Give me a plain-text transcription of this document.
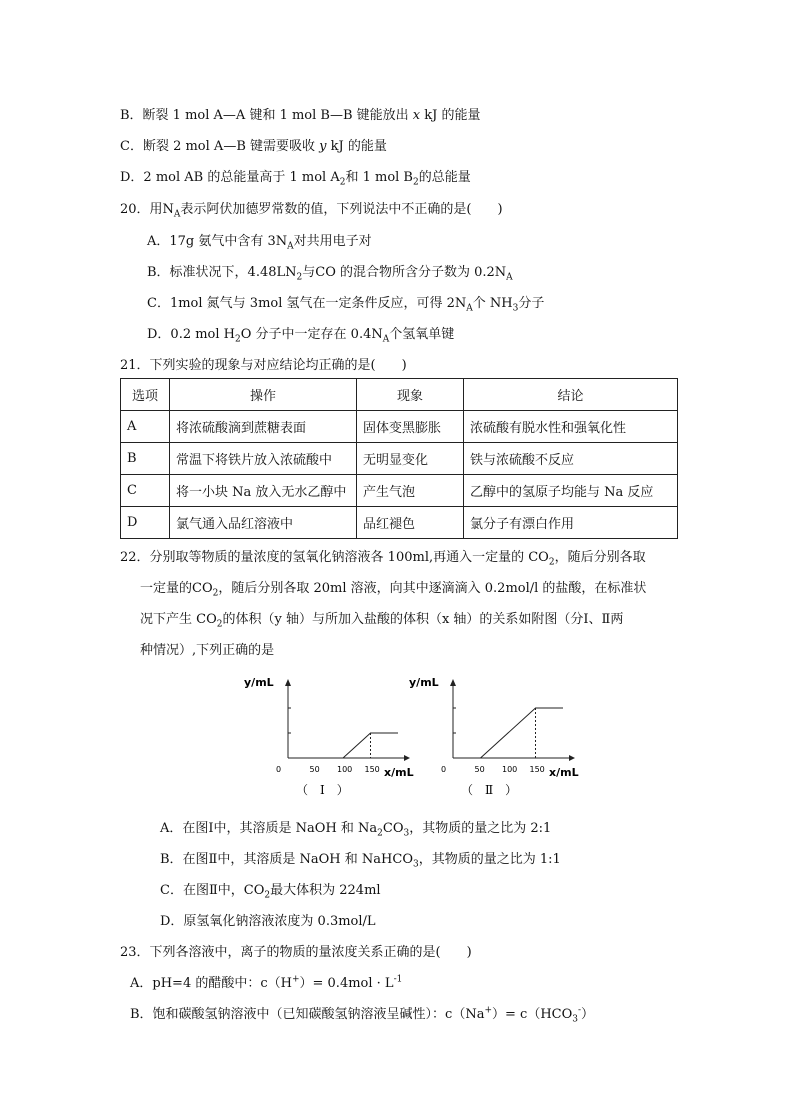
B．断裂 1 mol A—A 键和 1 mol B—B 键能放出 x kJ 的能量
C．断裂 2 mol A—B 键需要吸收 y kJ 的能量
D．2 mol AB 的总能量高于 1 mol $A_2$和 1 mol $B_2$的总能量
20．用$N_A$表示阿伏加德罗常数的值，下列说法中不正确的是(　　)
A．17g 氨气中含有 $3N_A$对共用电子对
B．标准状况下，$4.48LN_2$与CO 的混合物所含分子数为 $0.2N_A$
C．1mol 氮气与 3mol 氢气在一定条件反应，可得 $2N_A$个 $NH_3$分子
D．0.2 mol $H_2O$ 分子中一定存在 $0.4N_A$个氢氧单键
21．下列实验的现象与对应结论均正确的是(　　)
选项	操作	现象	结论
A	将浓硫酸滴到蔗糖表面	固体变黑膨胀	浓硫酸有脱水性和强氧化性
B	常温下将铁片放入浓硫酸中	无明显变化	铁与浓硫酸不反应
C	将一小块 Na 放入无水乙醇中	产生气泡	乙醇中的氢原子均能与 Na 反应
D	氯气通入品红溶液中	品红褪色	氯分子有漂白作用
22．分别取等物质的量浓度的氢氧化钠溶液各 100ml,再通入一定量的 $CO_2$，随后分别各取
一定量的$CO_2$，随后分别各取 20ml 溶液，向其中逐滴滴入 0.2mol/l 的盐酸，在标准状
况下产生 $CO_2$的体积（y 轴）与所加入盐酸的体积（x 轴）的关系如附图（分Ⅰ、Ⅱ两
种情况）,下列正确的是
y/mL
x/mL
0	50 100 150
（　Ⅰ　）
y/mL
x/mL
0	50 100 150
（　Ⅱ　）
A．在图Ⅰ中，其溶质是 NaOH 和 $Na_2CO_3$，其物质的量之比为 2:1
B．在图Ⅱ中，其溶质是 NaOH 和 NaHCO$_3$，其物质的量之比为 1:1
C．在图Ⅱ中，$CO_2$最大体积为 224ml
D．原氢氧化钠溶液浓度为 0.3mol/L
23．下列各溶液中，离子的物质的量浓度关系正确的是(　　)
A．pH=4 的醋酸中：$c(H^+)= 0.4mol \cdot L^{-1}$
B．饱和碳酸氢钠溶液中（已知碳酸氢钠溶液呈碱性）：$c(Na^+)= c(HCO_3^-)$
